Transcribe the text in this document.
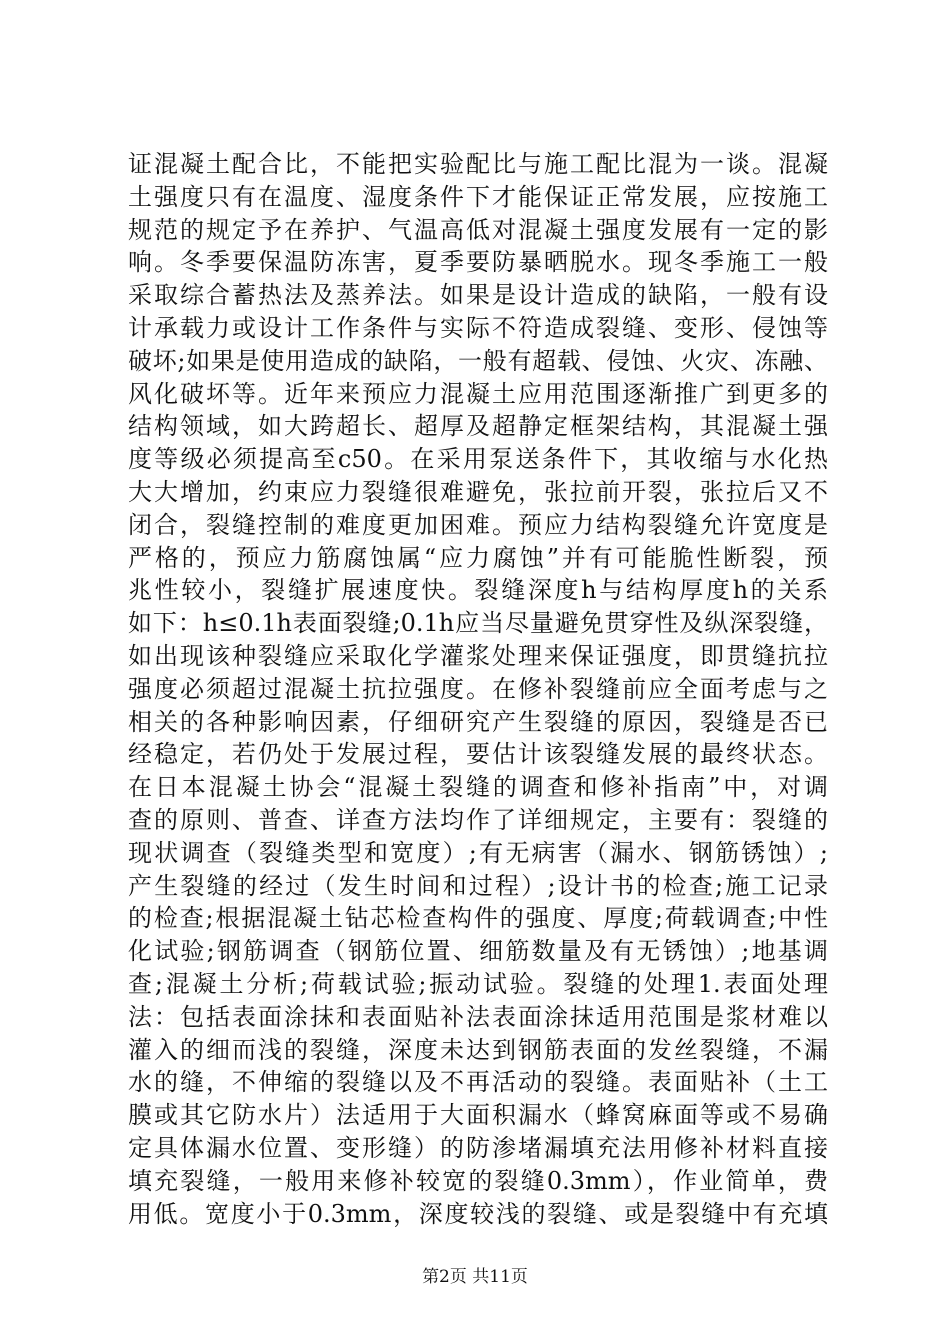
证混凝土配合比，不能把实验配比与施工配比混为一谈。混凝
土强度只有在温度、湿度条件下才能保证正常发展，应按施工
规范的规定予在养护、气温高低对混凝土强度发展有一定的影
响。冬季要保温防冻害，夏季要防暴晒脱水。现冬季施工一般
采取综合蓄热法及蒸养法。如果是设计造成的缺陷，一般有设
计承载力或设计工作条件与实际不符造成裂缝、变形、侵蚀等
破坏;如果是使用造成的缺陷，一般有超载、侵蚀、火灾、冻融、
风化破坏等。近年来预应力混凝土应用范围逐渐推广到更多的
结构领域，如大跨超长、超厚及超静定框架结构，其混凝土强
度等级必须提高至c50。在采用泵送条件下，其收缩与水化热
大大增加，约束应力裂缝很难避免，张拉前开裂，张拉后又不
闭合，裂缝控制的难度更加困难。预应力结构裂缝允许宽度是
严格的，预应力筋腐蚀属“应力腐蚀”并有可能脆性断裂，预
兆性较小，裂缝扩展速度快。裂缝深度h与结构厚度h的关系
如下：h≤0.1h表面裂缝;0.1h应当尽量避免贯穿性及纵深裂缝，
如出现该种裂缝应采取化学灌浆处理来保证强度，即贯缝抗拉
强度必须超过混凝土抗拉强度。在修补裂缝前应全面考虑与之
相关的各种影响因素，仔细研究产生裂缝的原因，裂缝是否已
经稳定，若仍处于发展过程，要估计该裂缝发展的最终状态。
在日本混凝土协会“混凝土裂缝的调查和修补指南”中，对调
查的原则、普查、详查方法均作了详细规定，主要有：裂缝的
现状调查（裂缝类型和宽度）;有无病害（漏水、钢筋锈蚀）;
产生裂缝的经过（发生时间和过程）;设计书的检查;施工记录
的检查;根据混凝土钻芯检查构件的强度、厚度;荷载调查;中性
化试验;钢筋调查（钢筋位置、细筋数量及有无锈蚀）;地基调
查;混凝土分析;荷载试验;振动试验。裂缝的处理1.表面处理
法：包括表面涂抹和表面贴补法表面涂抹适用范围是浆材难以
灌入的细而浅的裂缝，深度未达到钢筋表面的发丝裂缝，不漏
水的缝，不伸缩的裂缝以及不再活动的裂缝。表面贴补（土工
膜或其它防水片）法适用于大面积漏水（蜂窝麻面等或不易确
定具体漏水位置、变形缝）的防渗堵漏填充法用修补材料直接
填充裂缝，一般用来修补较宽的裂缝0.3mm），作业简单，费
用低。宽度小于0.3mm，深度较浅的裂缝、或是裂缝中有充填
第2页 共11页
